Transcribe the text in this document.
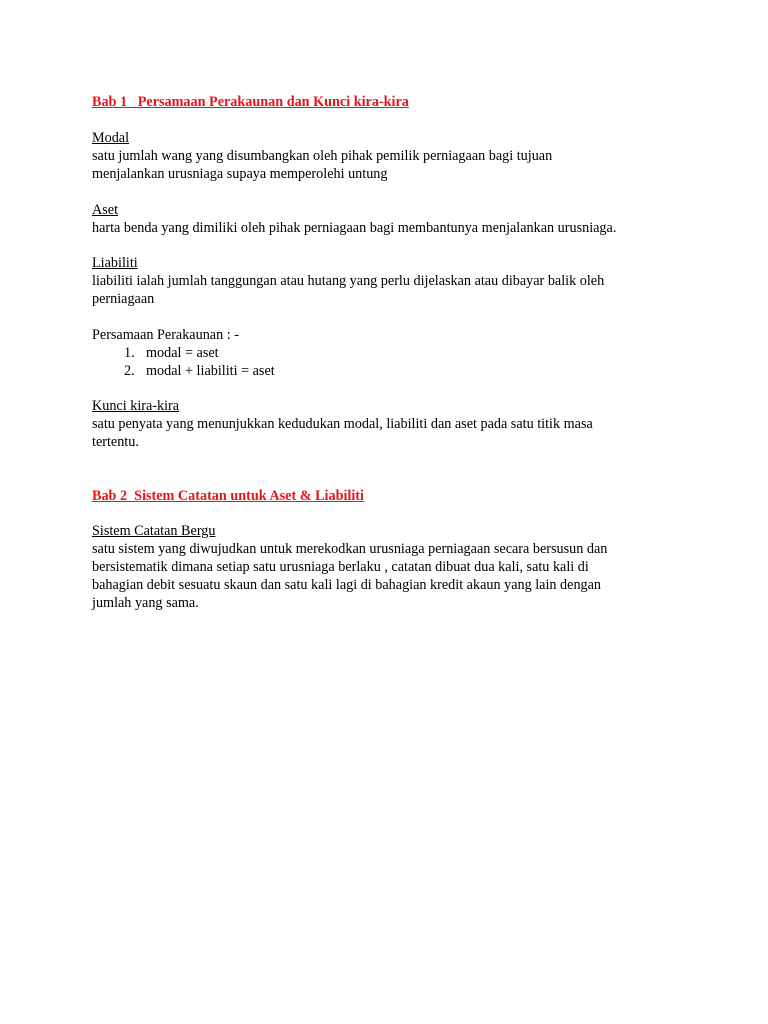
Bab 1   Persamaan Perakaunan dan Kunci kira-kira
Modal
satu jumlah wang yang disumbangkan oleh pihak pemilik perniagaan bagi tujuan
menjalankan urusniaga supaya memperolehi untung
Aset
harta benda yang dimiliki oleh pihak perniagaan bagi membantunya menjalankan urusniaga.
Liabiliti
liabiliti ialah jumlah tanggungan atau hutang yang perlu dijelaskan atau dibayar balik oleh
perniagaan
Persamaan Perakaunan : -
1. modal = aset
2. modal + liabiliti = aset
Kunci kira-kira
satu penyata yang menunjukkan kedudukan modal, liabiliti dan aset pada satu titik masa
tertentu.
Bab 2  Sistem Catatan untuk Aset & Liabiliti
Sistem Catatan Bergu
satu sistem yang diwujudkan untuk merekodkan urusniaga perniagaan secara bersusun dan
bersistematik dimana setiap satu urusniaga berlaku , catatan dibuat dua kali, satu kali di
bahagian debit sesuatu skaun dan satu kali lagi di bahagian kredit akaun yang lain dengan
jumlah yang sama.
